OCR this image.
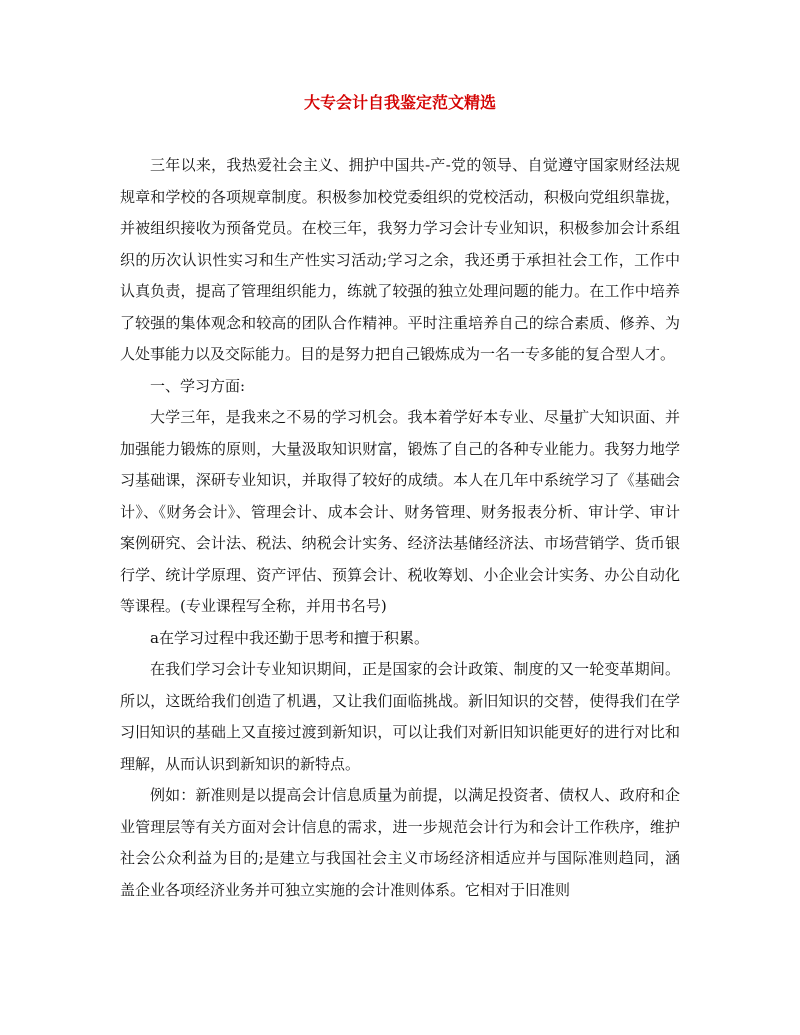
大专会计自我鉴定范文精选

三年以来，我热爱社会主义、拥护中国共-产-党的领导、自觉遵守国家财经法规规章和学校的各项规章制度。积极参加校党委组织的党校活动，积极向党组织靠拢，并被组织接收为预备党员。在校三年，我努力学习会计专业知识，积极参加会计系组织的历次认识性实习和生产性实习活动;学习之余，我还勇于承担社会工作，工作中认真负责，提高了管理组织能力，练就了较强的独立处理问题的能力。在工作中培养了较强的集体观念和较高的团队合作精神。平时注重培养自己的综合素质、修养、为人处事能力以及交际能力。目的是努力把自己锻炼成为一名一专多能的复合型人才。

一、学习方面:

大学三年，是我来之不易的学习机会。我本着学好本专业、尽量扩大知识面、并加强能力锻炼的原则，大量汲取知识财富，锻炼了自己的各种专业能力。我努力地学习基础课，深研专业知识，并取得了较好的成绩。本人在几年中系统学习了《基础会计》、《财务会计》、管理会计、成本会计、财务管理、财务报表分析、审计学、审计案例研究、会计法、税法、纳税会计实务、经济法基储经济法、市场营销学、货币银行学、统计学原理、资产评估、预算会计、税收筹划、小企业会计实务、办公自动化等课程。(专业课程写全称，并用书名号)

a在学习过程中我还勤于思考和擅于积累。

在我们学习会计专业知识期间，正是国家的会计政策、制度的又一轮变革期间。所以，这既给我们创造了机遇，又让我们面临挑战。新旧知识的交替，使得我们在学习旧知识的基础上又直接过渡到新知识，可以让我们对新旧知识能更好的进行对比和理解，从而认识到新知识的新特点。

例如：新准则是以提高会计信息质量为前提，以满足投资者、债权人、政府和企业管理层等有关方面对会计信息的需求，进一步规范会计行为和会计工作秩序，维护社会公众利益为目的;是建立与我国社会主义市场经济相适应并与国际准则趋同，涵盖企业各项经济业务并可独立实施的会计准则体系。它相对于旧准则
